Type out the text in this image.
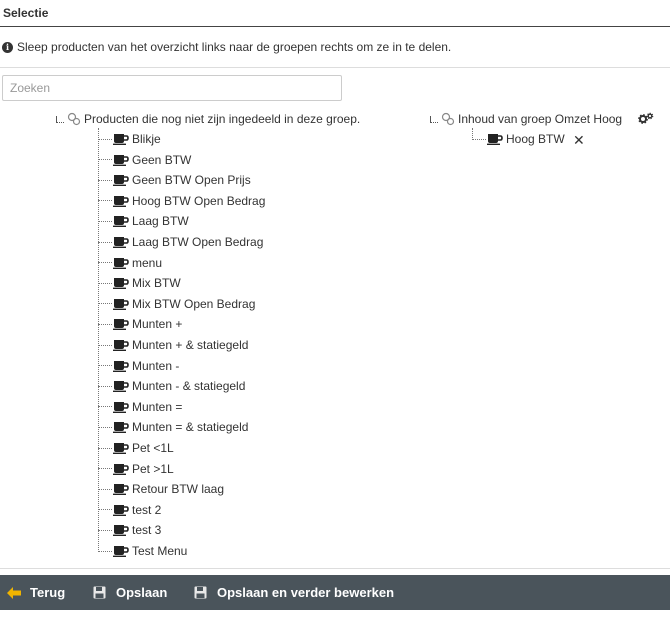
Selectie
i Sleep producten van het overzicht links naar de groepen rechts om ze in te delen.
Zoeken
Producten die nog niet zijn ingedeeld in deze groep.
Blikje
Geen BTW
Geen BTW Open Prijs
Hoog BTW Open Bedrag
Laag BTW
Laag BTW Open Bedrag
menu
Mix BTW
Mix BTW Open Bedrag
Munten +
Munten + & statiegeld
Munten -
Munten - & statiegeld
Munten =
Munten = & statiegeld
Pet <1L
Pet >1L
Retour BTW laag
test 2
test 3
Test Menu
Inhoud van groep Omzet Hoog
Hoog BTW ✕
Terug	Opslaan	Opslaan en verder bewerken
